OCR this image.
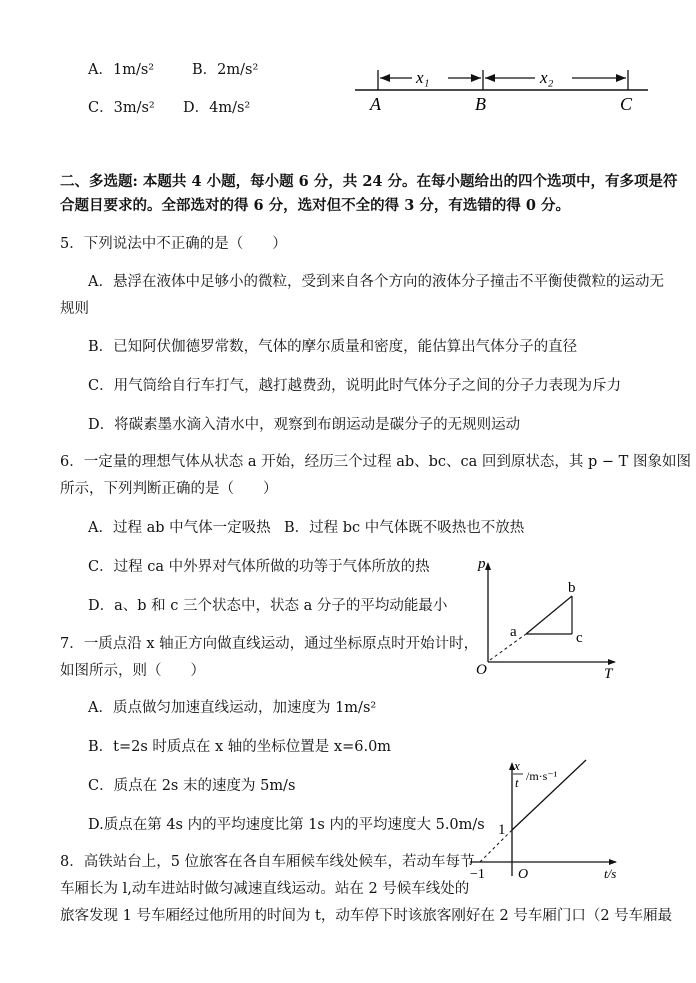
A．1m/s²	B．2m/s²
C．3m/s² D．4m/s²
x₁	x₂
A	B	C
二、多选题: 本题共 4 小题，每小题 6 分，共 24 分。在每小题给出的四个选项中，有多项是符
合题目要求的。全部选对的得 6 分，选对但不全的得 3 分，有选错的得 0 分。
5．下列说法中不正确的是（　　）
A．悬浮在液体中足够小的微粒，受到来自各个方向的液体分子撞击不平衡使微粒的运动无
规则
B．已知阿伏伽德罗常数，气体的摩尔质量和密度，能估算出气体分子的直径
C．用气筒给自行车打气，越打越费劲，说明此时气体分子之间的分子力表现为斥力
D．将碳素墨水滴入清水中，观察到布朗运动是碳分子的无规则运动
6．一定量的理想气体从状态 a 开始，经历三个过程 ab、bc、ca 回到原状态，其 p − T 图象如图
所示，下列判断正确的是（　　）
A．过程 ab 中气体一定吸热 B．过程 bc 中气体既不吸热也不放热
C．过程 ca 中外界对气体所做的功等于气体所放的热
D．a、b 和 c 三个状态中，状态 a 分子的平均动能最小
p
T
O
a
b
c
7．一质点沿 x 轴正方向做直线运动，通过坐标原点时开始计时，
如图所示，则（　　）
A．质点做匀加速直线运动，加速度为 1m/s²
B．t=2s 时质点在 x 轴的坐标位置是 x=6.0m
C．质点在 2s 末的速度为 5m/s
D.质点在第 4s 内的平均速度比第 1s 内的平均速度大 5.0m/s
x
t /m·s⁻¹
1
−1 O	t/s
8．高铁站台上，5 位旅客在各自车厢候车线处候车，若动车每节
车厢长为 l,动车进站时做匀减速直线运动。站在 2 号候车线处的
旅客发现 1 号车厢经过他所用的时间为 t，动车停下时该旅客刚好在 2 号车厢门口（2 号车厢最
